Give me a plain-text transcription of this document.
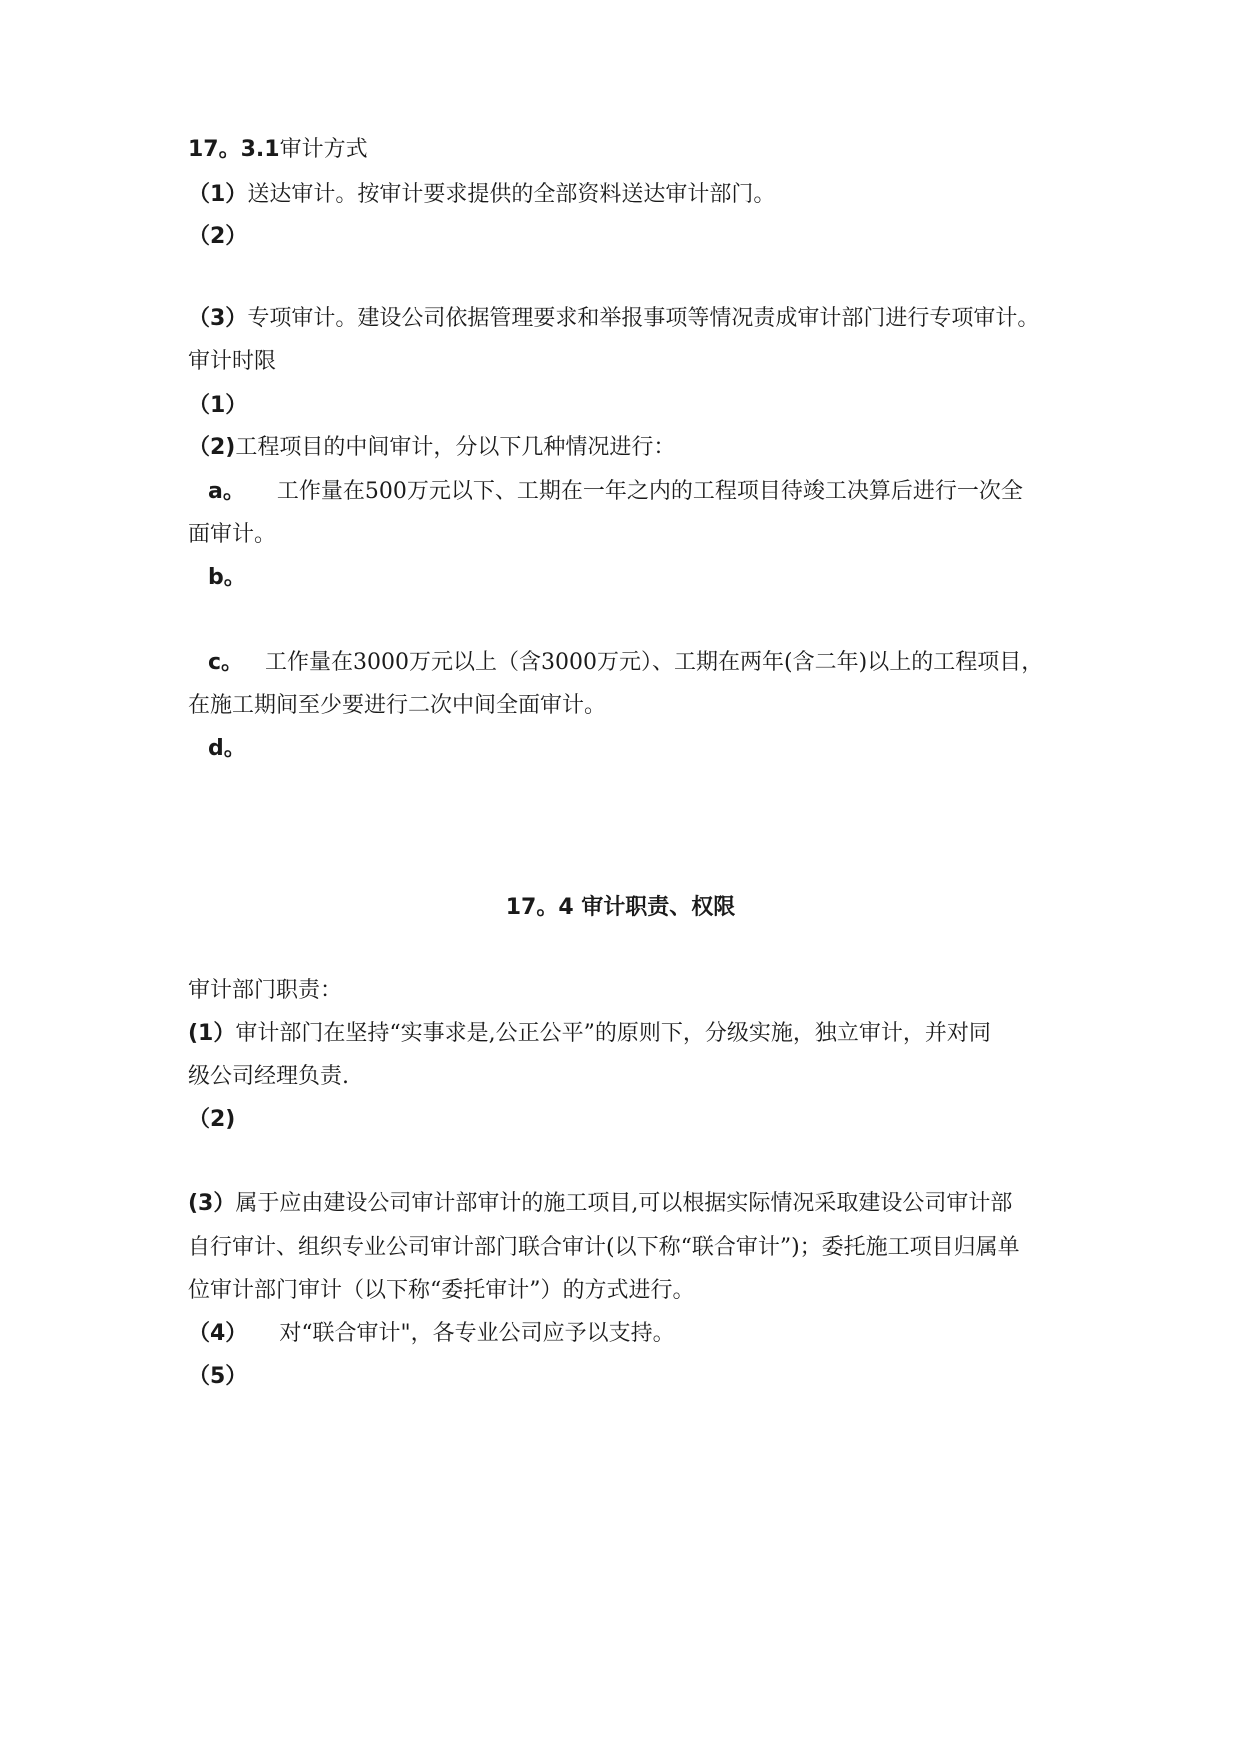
17。3.1审计方式
（1）送达审计。按审计要求提供的全部资料送达审计部门。
（2）
（3）专项审计。建设公司依据管理要求和举报事项等情况责成审计部门进行专项审计。
审计时限
（1）
（2)工程项目的中间审计，分以下几种情况进行：
a。 工作量在500万元以下、工期在一年之内的工程项目待竣工决算后进行一次全
面审计。
b。
c。 工作量在3000万元以上（含3000万元）、工期在两年(含二年)以上的工程项目，
在施工期间至少要进行二次中间全面审计。
d。
17。4 审计职责、权限
审计部门职责：
(1）审计部门在坚持“实事求是,公正公平”的原则下，分级实施，独立审计，并对同
级公司经理负责.
（2)
(3）属于应由建设公司审计部审计的施工项目,可以根据实际情况采取建设公司审计部
自行审计、组织专业公司审计部门联合审计(以下称“联合审计”)；委托施工项目归属单
位审计部门审计（以下称“委托审计”）的方式进行。
（4） 对“联合审计"，各专业公司应予以支持。
（5）
